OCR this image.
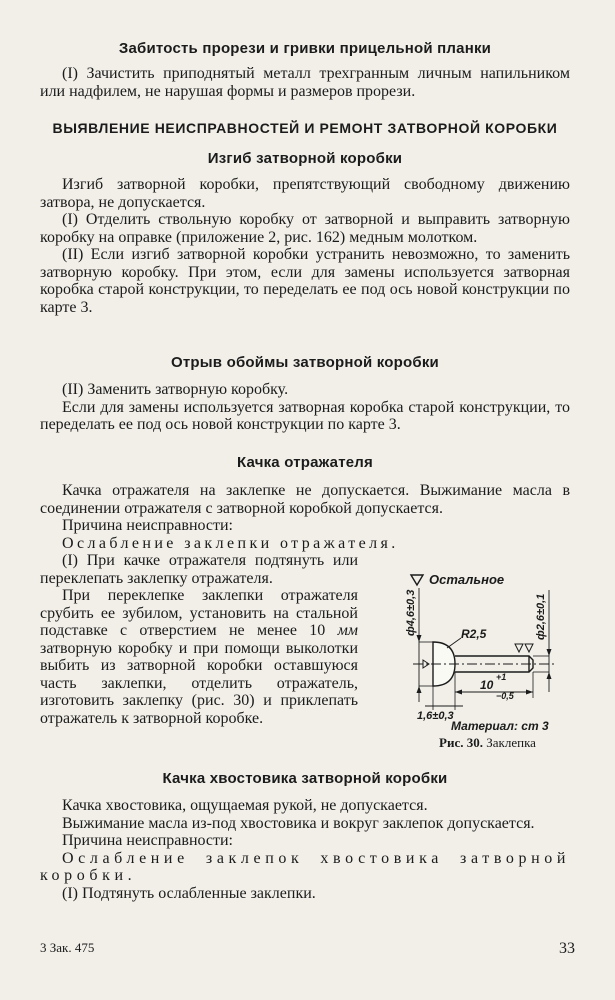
Забитость прорези и гривки прицельной планки

(I) Зачистить приподнятый металл трехгранным личным напильником или надфилем, не нарушая формы и размеров прорези.

ВЫЯВЛЕНИЕ НЕИСПРАВНОСТЕЙ И РЕМОНТ ЗАТВОРНОЙ КОРОБКИ
Изгиб затворной коробки

Изгиб затворной коробки, препятствующий свободному движению затвора, не допускается.

(I) Отделить ствольную коробку от затворной и выправить затворную коробку на оправке (приложение 2, рис. 162) медным молотком.

(II) Если изгиб затворной коробки устранить невозможно, то заменить затворную коробку. При этом, если для замены используется затворная коробка старой конструкции, то переделать ее под ось новой конструкции по карте 3.

Отрыв обоймы затворной коробки

(II) Заменить затворную коробку.

Если для замены используется затворная коробка старой конструкции, то переделать ее под ось новой конструкции по карте 3.

Качка отражателя

Качка отражателя на заклепке не допускается. Выжимание масла в соединении отражателя с затворной коробкой допускается.

Причина неисправности:

Ослабление заклепки отражателя.

(I) При качке отражателя подтянуть или переклепать заклепку отражателя.

При переклепке заклепки отражателя срубить ее зубилом, установить на стальной подставке с отверстием не менее 10 мм затворную коробку и при помощи выколотки выбить из затворной коробки оставшуюся часть заклепки, отделить отражатель, изготовить заклепку (рис. 30) и приклепать отражатель к затворной коробке.

Остальное
ф4,6±0,3	ф2,6±0,1
R2,5
10
+1
−0,5
1,6±0,3
Материал: ст 3
Рис. 30. Заклепка
Качка хвостовика затворной коробки

Качка хвостовика, ощущаемая рукой, не допускается.

Выжимание масла из-под хвостовика и вокруг заклепок допускается.

Причина неисправности:

Ослабление заклепок хвостовика затворной коробки.

(I) Подтянуть ослабленные заклепки.

3 Зак. 475	33
